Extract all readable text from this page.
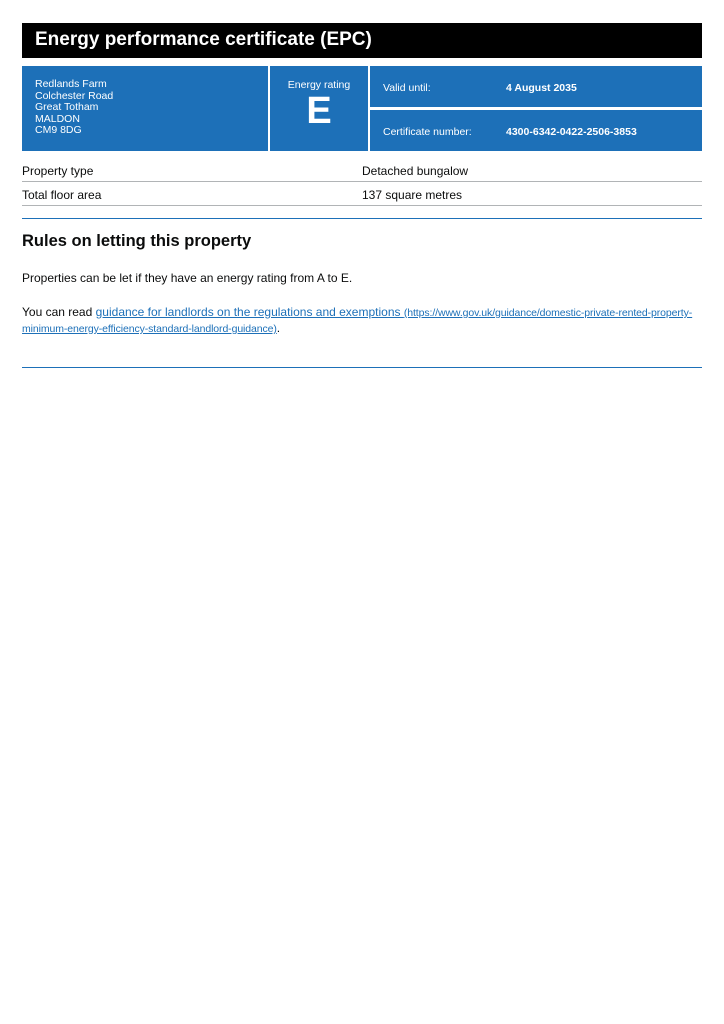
Energy performance certificate (EPC)
Redlands Farm
Colchester Road
Great Totham
MALDON
CM9 8DG
Energy rating
E
Valid until:	4 August 2035
Certificate number:	4300-6342-0422-2506-3853
Property type	Detached bungalow
Total floor area	137 square metres
Rules on letting this property

Properties can be let if they have an energy rating from A to E.

You can read guidance for landlords on the regulations and exemptions (https://www.gov.uk/guidance/domestic-private-rented-property-minimum-energy-efficiency-standard-landlord-guidance).
